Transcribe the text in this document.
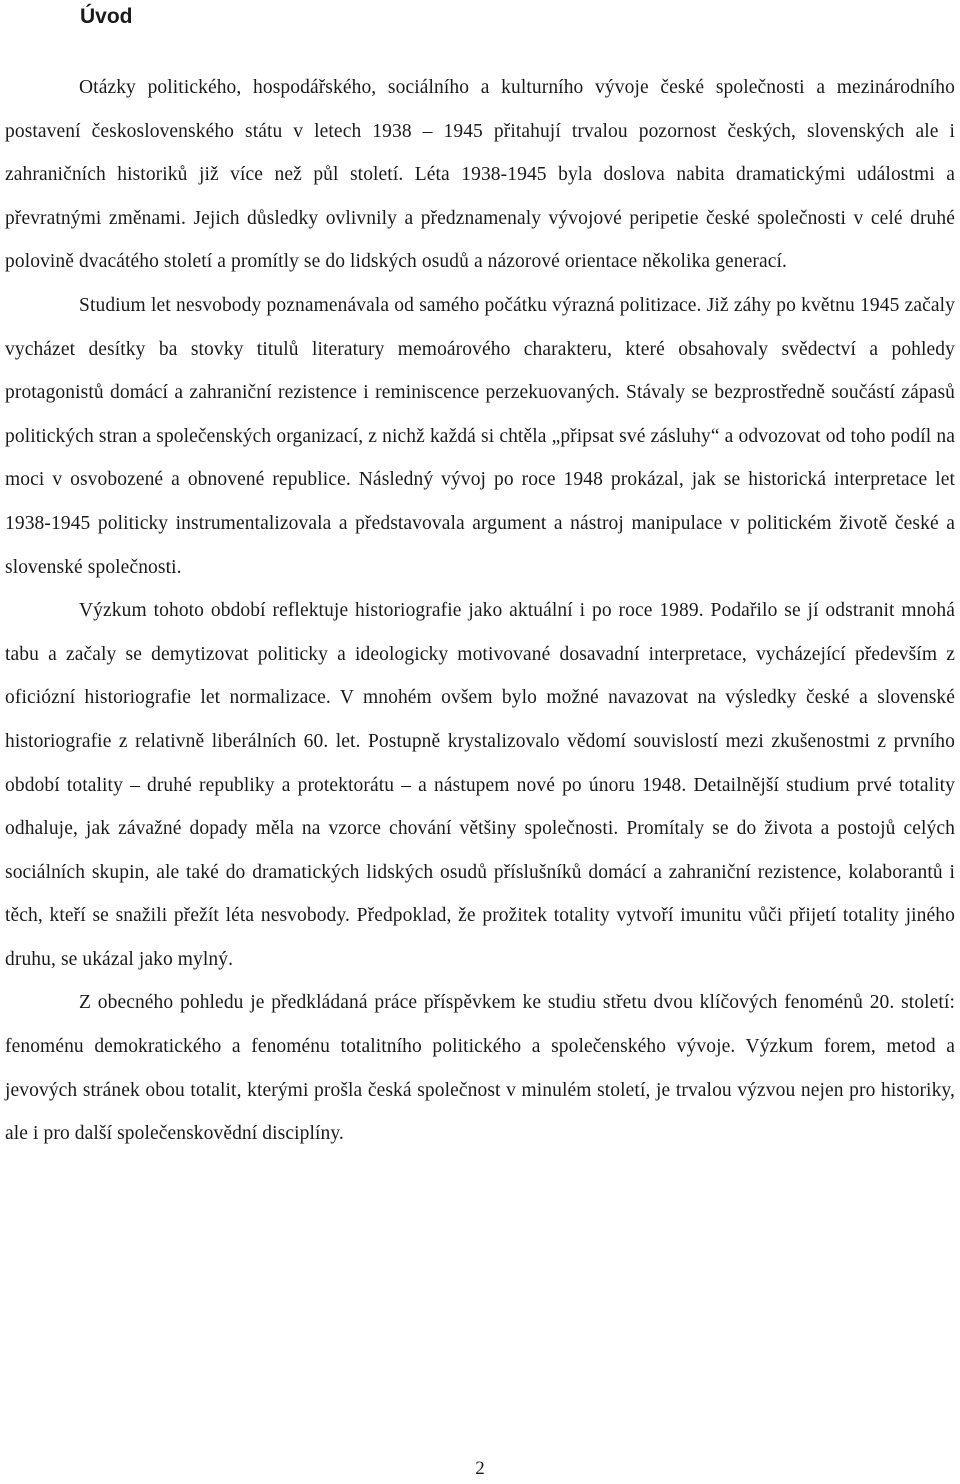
Úvod

Otázky politického, hospodářského, sociálního a kulturního vývoje české společnosti a mezinárodního postavení československého státu v letech 1938 – 1945 přitahují trvalou pozornost českých, slovenských ale i zahraničních historiků již více než půl století. Léta 1938-1945 byla doslova nabita dramatickými událostmi a převratnými změnami. Jejich důsledky ovlivnily a předznamenaly vývojové peripetie české společnosti v celé druhé polovině dvacátého století a promítly se do lidských osudů a názorové orientace několika generací.

Studium let nesvobody poznamenávala od samého počátku výrazná politizace. Již záhy po květnu 1945 začaly vycházet desítky ba stovky titulů literatury memoárového charakteru, které obsahovaly svědectví a pohledy protagonistů domácí a zahraniční rezistence i reminiscence perzekuovaných. Stávaly se bezprostředně součástí zápasů politických stran a společenských organizací, z nichž každá si chtěla „připsat své zásluhy“ a odvozovat od toho podíl na moci v osvobozené a obnovené republice. Následný vývoj po roce 1948 prokázal, jak se historická interpretace let 1938-1945 politicky instrumentalizovala a představovala argument a nástroj manipulace v politickém životě české a slovenské společnosti.

Výzkum tohoto období reflektuje historiografie jako aktuální i po roce 1989. Podařilo se jí odstranit mnohá tabu a začaly se demytizovat politicky a ideologicky motivované dosavadní interpretace, vycházející především z oficiózní historiografie let normalizace. V mnohém ovšem bylo možné navazovat na výsledky české a slovenské historiografie z relativně liberálních 60. let. Postupně krystalizovalo vědomí souvislostí mezi zkušenostmi z prvního období totality – druhé republiky a protektorátu – a nástupem nové po únoru 1948. Detailnější studium prvé totality odhaluje, jak závažné dopady měla na vzorce chování většiny společnosti. Promítaly se do života a postojů celých sociálních skupin, ale také do dramatických lidských osudů příslušníků domácí a zahraniční rezistence, kolaborantů i těch, kteří se snažili přežít léta nesvobody. Předpoklad, že prožitek totality vytvoří imunitu vůči přijetí totality jiného druhu, se ukázal jako mylný.

Z obecného pohledu je předkládaná práce příspěvkem ke studiu střetu dvou klíčových fenoménů 20. století: fenoménu demokratického a fenoménu totalitního politického a společenského vývoje. Výzkum forem, metod a jevových stránek obou totalit, kterými prošla česká společnost v minulém století, je trvalou výzvou nejen pro historiky, ale i pro další společenskovědní disciplíny.

2
